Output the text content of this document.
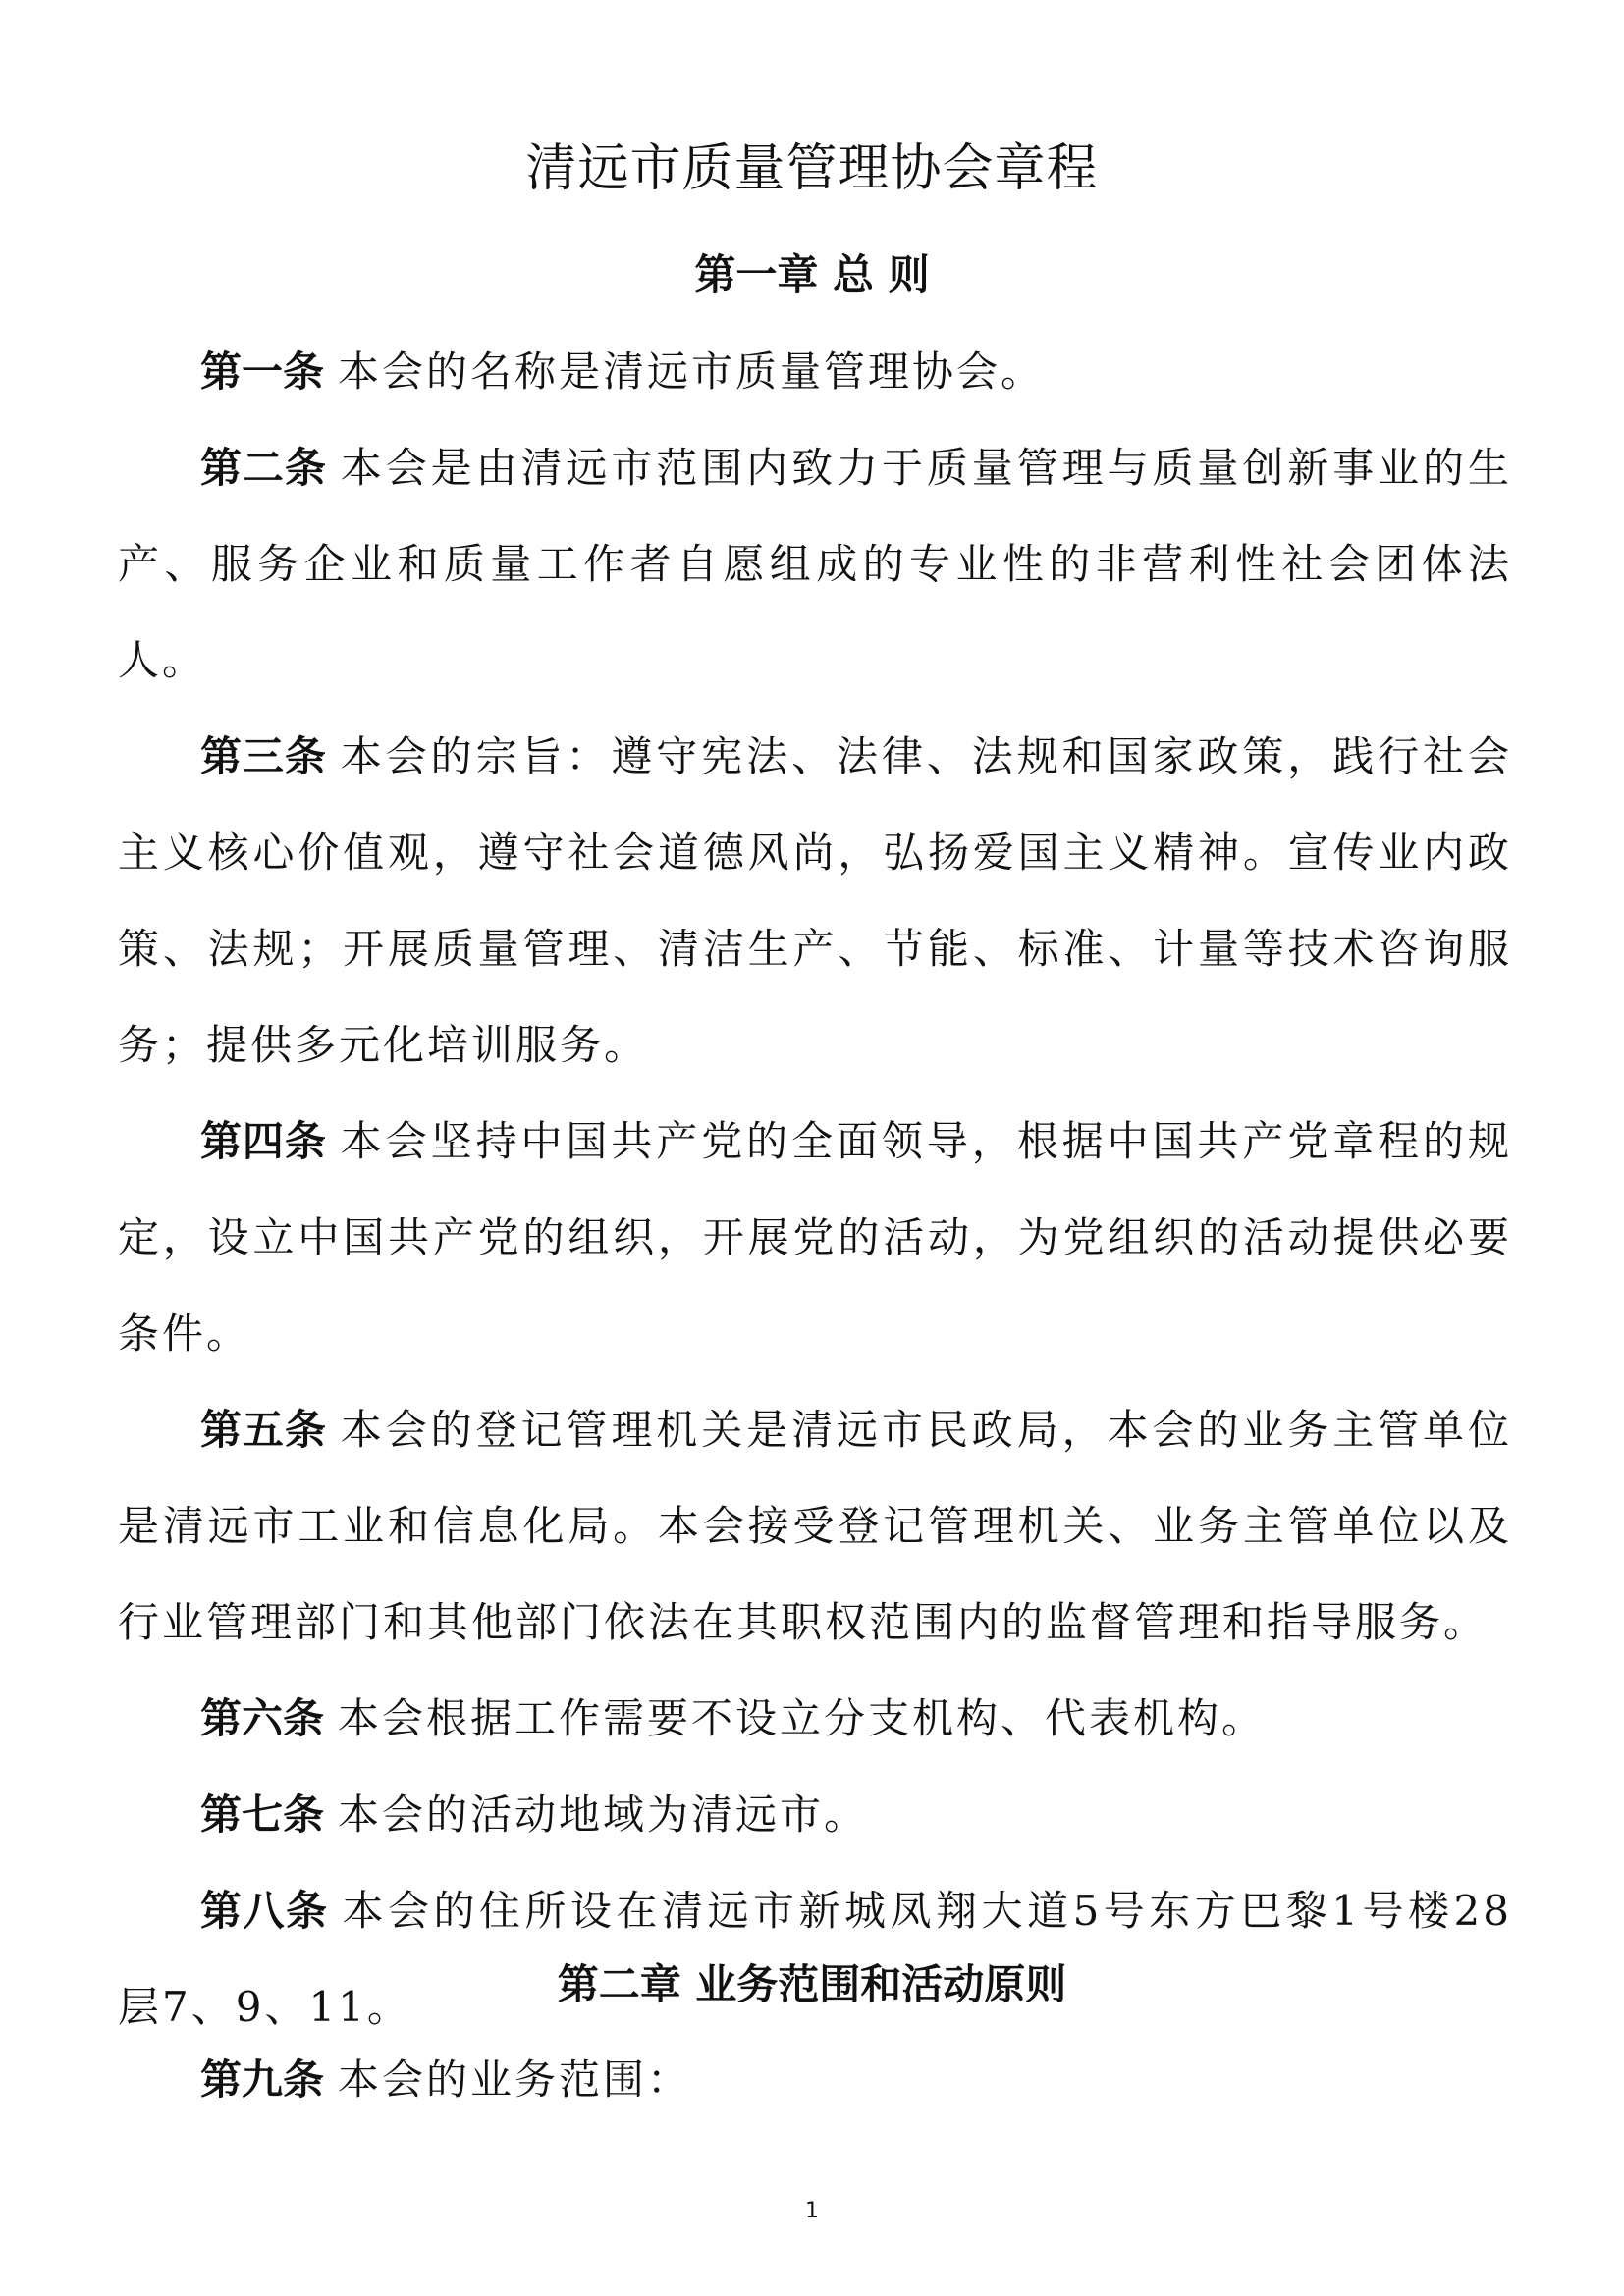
清远市质量管理协会章程
第一章 总 则

第一条 本会的名称是清远市质量管理协会。

第二条 本会是由清远市范围内致力于质量管理与质量创新事业的生产、服务企业和质量工作者自愿组成的专业性的非营利性社会团体法人。

第三条 本会的宗旨：遵守宪法、法律、法规和国家政策，践行社会主义核心价值观，遵守社会道德风尚，弘扬爱国主义精神。宣传业内政策、法规；开展质量管理、清洁生产、节能、标准、计量等技术咨询服务；提供多元化培训服务。

第四条 本会坚持中国共产党的全面领导，根据中国共产党章程的规定，设立中国共产党的组织，开展党的活动，为党组织的活动提供必要条件。

第五条 本会的登记管理机关是清远市民政局，本会的业务主管单位是清远市工业和信息化局。本会接受登记管理机关、业务主管单位以及行业管理部门和其他部门依法在其职权范围内的监督管理和指导服务。

第六条 本会根据工作需要不设立分支机构、代表机构。

第七条 本会的活动地域为清远市。

第八条 本会的住所设在清远市新城凤翔大道5号东方巴黎1号楼28层7、9、11。	第二章 业务范围和活动原则

第九条 本会的业务范围：

1
